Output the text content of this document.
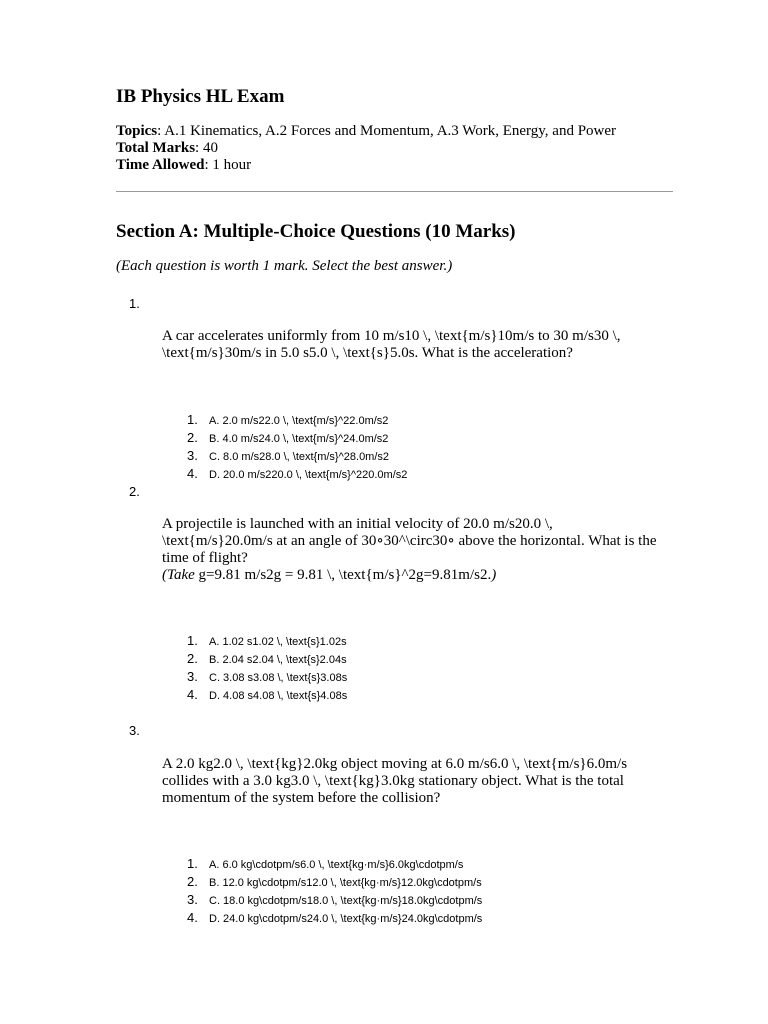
IB Physics HL Exam
Topics: A.1 Kinematics, A.2 Forces and Momentum, A.3 Work, Energy, and Power
Total Marks: 40
Time Allowed: 1 hour
Section A: Multiple-Choice Questions (10 Marks)
(Each question is worth 1 mark. Select the best answer.)
1.
A car accelerates uniformly from 10 m/s10 \, \text{m/s}10m/s to 30 m/s30 \, \text{m/s}30m/s in 5.0 s5.0 \, \text{s}5.0s. What is the acceleration?
1. A. 2.0 m/s22.0 \, \text{m/s}^22.0m/s2
2. B. 4.0 m/s24.0 \, \text{m/s}^24.0m/s2
3. C. 8.0 m/s28.0 \, \text{m/s}^28.0m/s2
4. D. 20.0 m/s220.0 \, \text{m/s}^220.0m/s2
2.
A projectile is launched with an initial velocity of 20.0 m/s20.0 \, \text{m/s}20.0m/s at an angle of 30∘30^\circ30∘ above the horizontal. What is the time of flight?
(Take g=9.81 m/s2g = 9.81 \, \text{m/s}^2g=9.81m/s2.)
1. A. 1.02 s1.02 \, \text{s}1.02s
2. B. 2.04 s2.04 \, \text{s}2.04s
3. C. 3.08 s3.08 \, \text{s}3.08s
4. D. 4.08 s4.08 \, \text{s}4.08s
3.
A 2.0 kg2.0 \, \text{kg}2.0kg object moving at 6.0 m/s6.0 \, \text{m/s}6.0m/s collides with a 3.0 kg3.0 \, \text{kg}3.0kg stationary object. What is the total momentum of the system before the collision?
1. A. 6.0 kg\cdotpm/s6.0 \, \text{kg·m/s}6.0kg\cdotpm/s
2. B. 12.0 kg\cdotpm/s12.0 \, \text{kg·m/s}12.0kg\cdotpm/s
3. C. 18.0 kg\cdotpm/s18.0 \, \text{kg·m/s}18.0kg\cdotpm/s
4. D. 24.0 kg\cdotpm/s24.0 \, \text{kg·m/s}24.0kg\cdotpm/s
